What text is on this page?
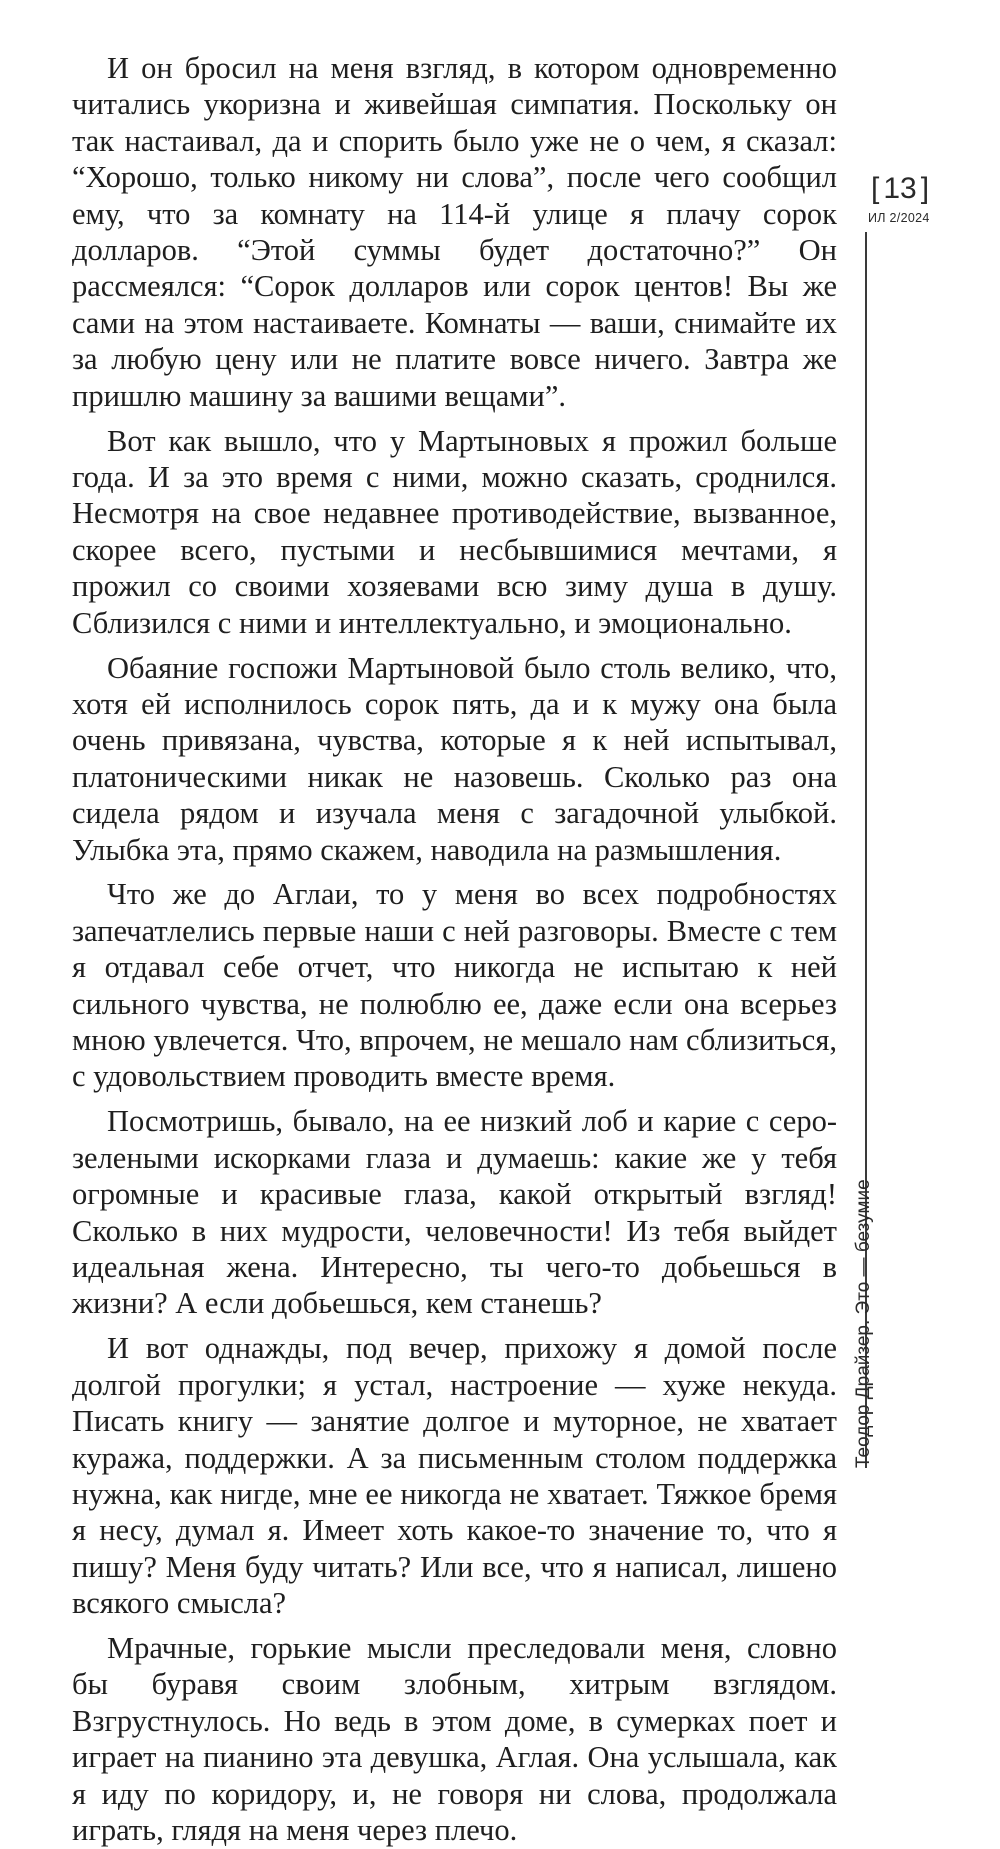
И он бросил на меня взгляд, в котором одновременно читались укоризна и живейшая симпатия. Поскольку он так настаивал, да и спорить было уже не о чем, я сказал: “Хорошо, только никому ни слова”, после чего сообщил ему, что за комнату на 114-й улице я плачу сорок долларов. “Этой суммы будет достаточно?” Он рассмеялся: “Сорок долларов или сорок центов! Вы же сами на этом настаиваете. Комнаты — ваши, снимайте их за любую цену или не платите вовсе ничего. Завтра же пришлю машину за вашими вещами”.

Вот как вышло, что у Мартыновых я прожил больше года. И за это время с ними, можно сказать, сроднился. Несмотря на свое недавнее противодействие, вызванное, скорее всего, пустыми и несбывшимися мечтами, я прожил со своими хозяевами всю зиму душа в душу. Сблизился с ними и интеллектуально, и эмоционально.

Обаяние госпожи Мартыновой было столь велико, что, хотя ей исполнилось сорок пять, да и к мужу она была очень привязана, чувства, которые я к ней испытывал, платоническими никак не назовешь. Сколько раз она сидела рядом и изучала меня с загадочной улыбкой. Улыбка эта, прямо скажем, наводила на размышления.

Что же до Аглаи, то у меня во всех подробностях запечатлелись первые наши с ней разговоры. Вместе с тем я отдавал себе отчет, что никогда не испытаю к ней сильного чувства, не полюблю ее, даже если она всерьез мною увлечется. Что, впрочем, не мешало нам сблизиться, с удовольствием проводить вместе время.

Посмотришь, бывало, на ее низкий лоб и карие с серо-зелеными искорками глаза и думаешь: какие же у тебя огромные и красивые глаза, какой открытый взгляд! Сколько в них мудрости, человечности! Из тебя выйдет идеальная жена. Интересно, ты чего-то добьешься в жизни? А если добьешься, кем станешь?

И вот однажды, под вечер, прихожу я домой после долгой прогулки; я устал, настроение — хуже некуда. Писать книгу — занятие долгое и муторное, не хватает куража, поддержки. А за письменным столом поддержка нужна, как нигде, мне ее никогда не хватает. Тяжкое бремя я несу, думал я. Имеет хоть какое-то значение то, что я пишу? Меня буду читать? Или все, что я написал, лишено всякого смысла?

Мрачные, горькие мысли преследовали меня, словно бы буравя своим злобным, хитрым взглядом. Взгрустнулось. Но ведь в этом доме, в сумерках поет и играет на пианино эта девушка, Аглая. Она услышала, как я иду по коридору, и, не говоря ни слова, продолжала играть, глядя на меня через плечо.

[ 13 ]
ИЛ 2/2024
Теодор Драйзер. Это — безумие
